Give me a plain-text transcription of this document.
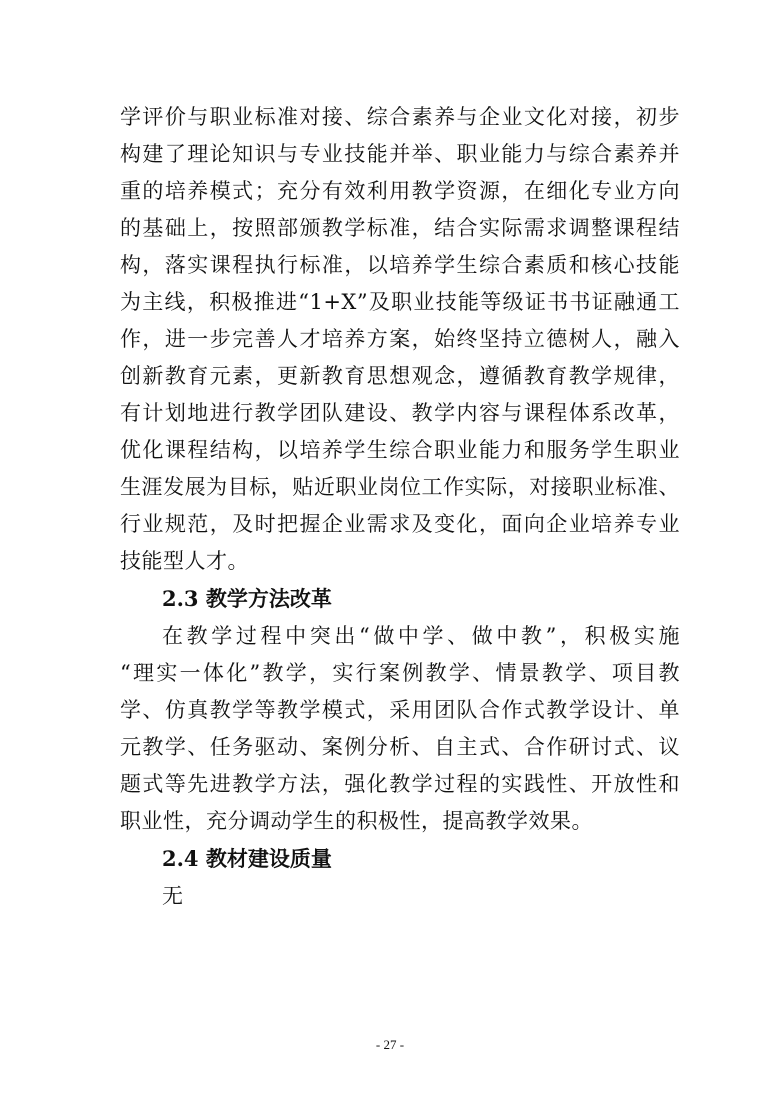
学评价与职业标准对接、综合素养与企业文化对接，初步
构建了理论知识与专业技能并举、职业能力与综合素养并
重的培养模式；充分有效利用教学资源，在细化专业方向
的基础上，按照部颁教学标准，结合实际需求调整课程结
构，落实课程执行标准，以培养学生综合素质和核心技能
为主线，积极推进“1+X”及职业技能等级证书书证融通工
作，进一步完善人才培养方案，始终坚持立德树人，融入
创新教育元素，更新教育思想观念，遵循教育教学规律，
有计划地进行教学团队建设、教学内容与课程体系改革，
优化课程结构，以培养学生综合职业能力和服务学生职业
生涯发展为目标，贴近职业岗位工作实际，对接职业标准、
行业规范，及时把握企业需求及变化，面向企业培养专业
技能型人才。
2.3 教学方法改革
在教学过程中突出“做中学、做中教”，积极实施
“理实一体化”教学，实行案例教学、情景教学、项目教
学、仿真教学等教学模式，采用团队合作式教学设计、单
元教学、任务驱动、案例分析、自主式、合作研讨式、议
题式等先进教学方法，强化教学过程的实践性、开放性和
职业性，充分调动学生的积极性，提高教学效果。
2.4 教材建设质量
无
- 27 -
